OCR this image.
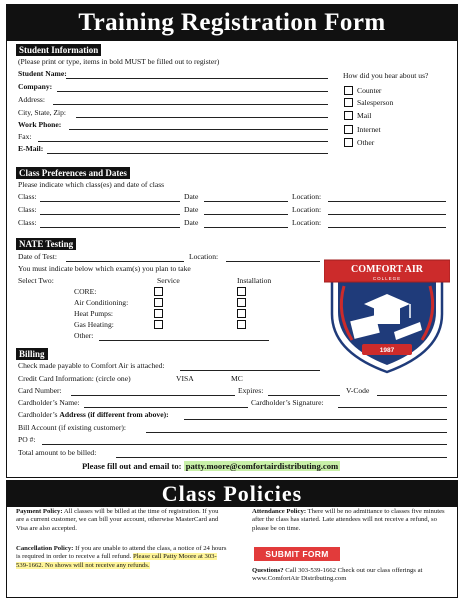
Training Registration Form
Student Information
(Please print or type, items in bold MUST be filled out to register)
Student Name:
Company:
Address:
City, State, Zip:
Work Phone:
Fax:
E-Mail:
How did you hear about us?
Counter
Salesperson
Mail
Internet
Other
Class Preferences and Dates
Please indicate which class(es) and date of class
Class:	Date	Location:
Class:	Date	Location:
Class:	Date	Location:
NATE Testing
Date of Test:	Location:
You must indicate below which exam(s) you plan to take
Select Two:	Service	Installation
CORE:
Air Conditioning:
Heat Pumps:
Gas Heating:
Other:
COMFORT AIR
COLLEGE
1987
Billing
Check made payable to Comfort Air is attached:
Credit Card Information: (circle one)	VISA	MC
Card Number:	Expires:	V-Code
Cardholder’s Name:	Cardholder’s Signature:
Cardholder’s Address (if different from above):
Bill Account (if existing customer):
PO #:
Total amount to be billed:
Please fill out and email to: patty.moore@comfortairdistributing.com
Class Policies
Payment Policy: All classes will be billed at the time of registration. If you are a current customer, we can bill your account, otherwise MasterCard and Visa are also accepted.
Cancellation Policy: If you are unable to attend the class, a notice of 24 hours is required in order to receive a full refund. Please call Patty Moore at 303-539-1662. No shows will not receive any refunds.
Attendance Policy: There will be no admittance to classes five minutes after the class has started. Late attendees will not receive a refund, so please be on time.
SUBMIT FORM
Questions? Call 303-539-1662 Check out our class offerings at www.ComfortAir Distributing.com
